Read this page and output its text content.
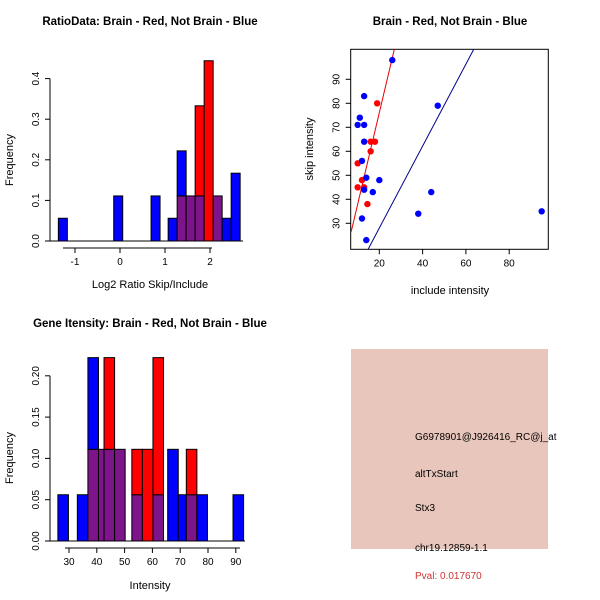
RatioData: Brain - Red, Not Brain - Blue
0.0
0.1
0.2
0.3
0.4
-1	0	1	2
Frequency
Log2 Ratio Skip/Include
Brain - Red, Not Brain - Blue
20	40	60	80
30
40
50
60
70
80
90
skip intensity
include intensity
Gene Itensity: Brain - Red, Not Brain - Blue
0.00
0.05
0.10
0.15
0.20
30 40 50 60 70 80 90
Frequency
Intensity
G6978901@J926416_RC@j_at
altTxStart
Stx3
chr19.12859-1.1
Pval: 0.017670
